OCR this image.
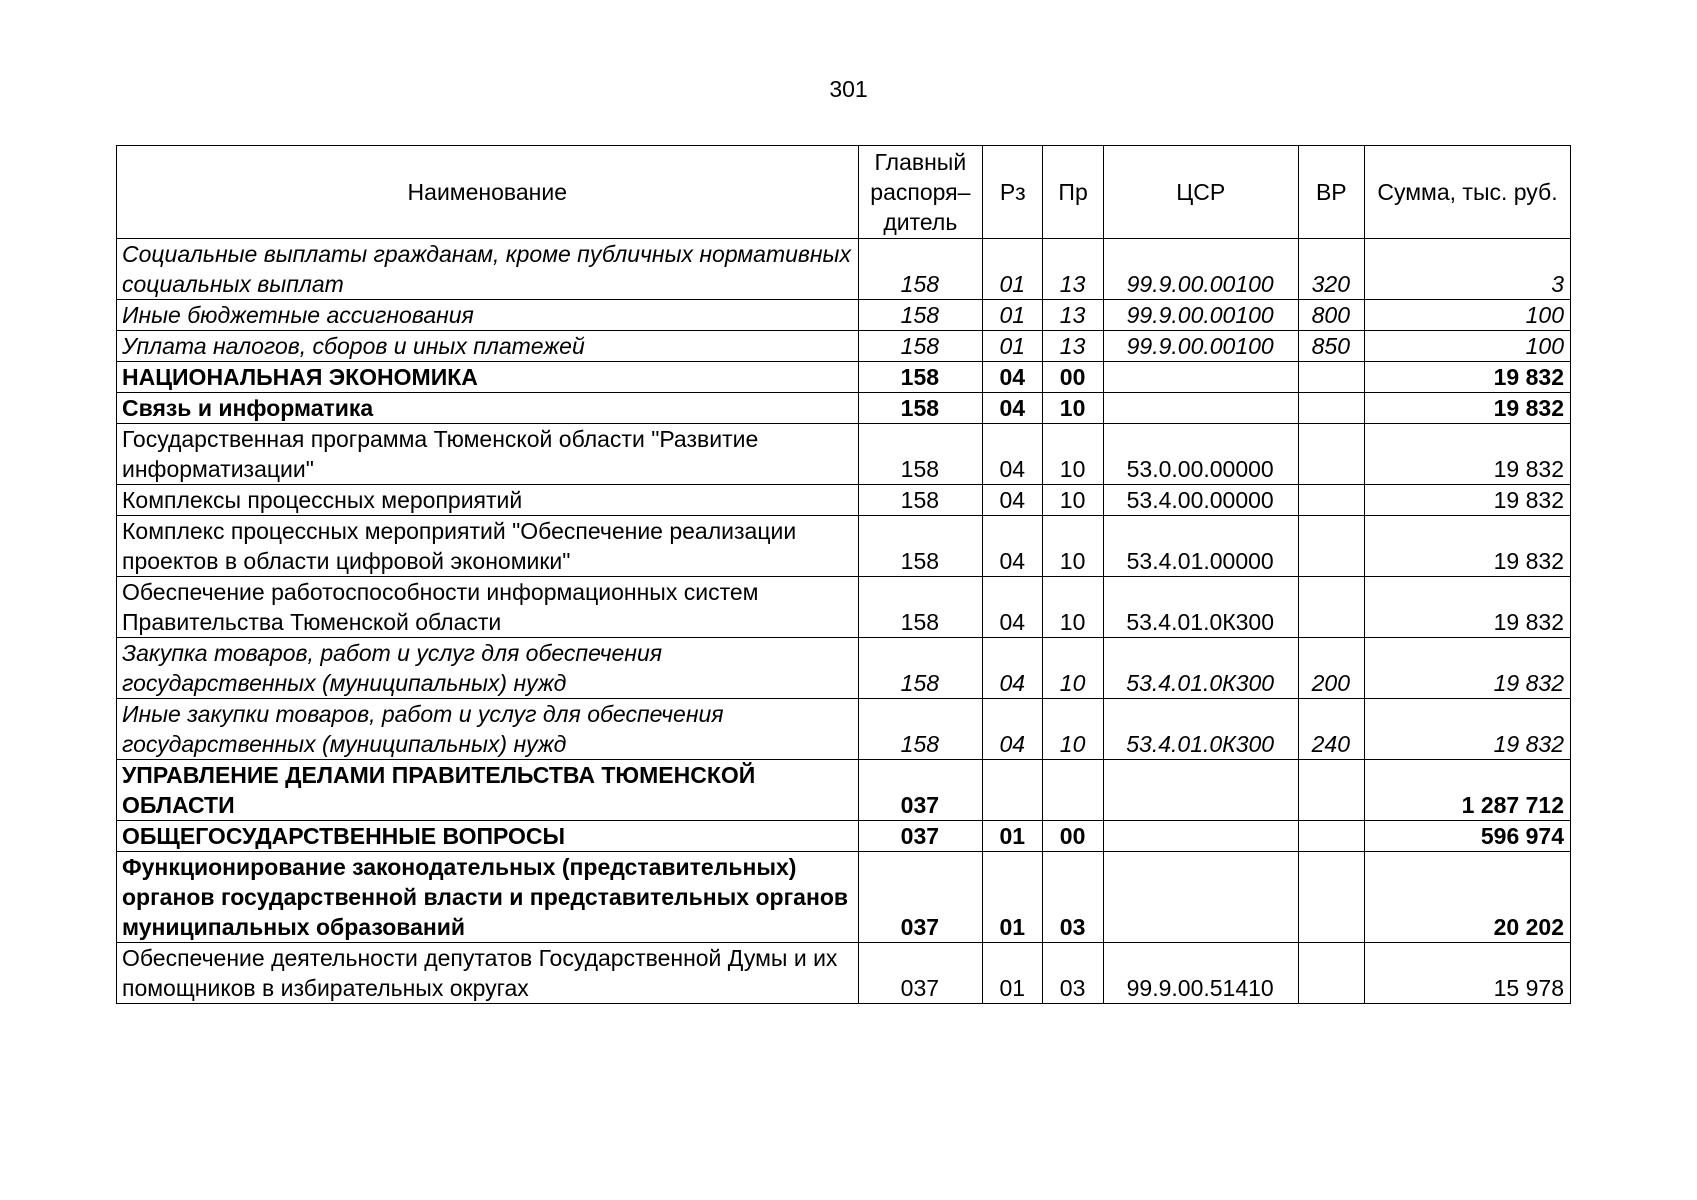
301
Наименование	Главный распоря–дитель	Рз	Пр	ЦСР	ВР	Сумма, тыс. руб.
Социальные выплаты гражданам, кроме публичных нормативных социальных выплат	158	01	13	99.9.00.00100	320	3
Иные бюджетные ассигнования	158	01	13	99.9.00.00100	800	100
Уплата налогов, сборов и иных платежей	158	01	13	99.9.00.00100	850	100
НАЦИОНАЛЬНАЯ ЭКОНОМИКА	158	04	00			19 832
Связь и информатика	158	04	10			19 832
Государственная программа Тюменской области "Развитие информатизации"	158	04	10	53.0.00.00000		19 832
Комплексы процессных мероприятий	158	04	10	53.4.00.00000		19 832
Комплекс процессных мероприятий "Обеспечение реализации проектов в области цифровой экономики"	158	04	10	53.4.01.00000		19 832
Обеспечение работоспособности информационных систем Правительства Тюменской области	158	04	10	53.4.01.0К300		19 832
Закупка товаров, работ и услуг для обеспечения государственных (муниципальных) нужд	158	04	10	53.4.01.0К300	200	19 832
Иные закупки товаров, работ и услуг для обеспечения государственных (муниципальных) нужд	158	04	10	53.4.01.0К300	240	19 832
УПРАВЛЕНИЕ ДЕЛАМИ ПРАВИТЕЛЬСТВА ТЮМЕНСКОЙ ОБЛАСТИ	037					1 287 712
ОБЩЕГОСУДАРСТВЕННЫЕ ВОПРОСЫ	037	01	00			596 974
Функционирование законодательных (представительных) органов государственной власти и представительных органов муниципальных образований	037	01	03			20 202
Обеспечение деятельности депутатов Государственной Думы и их помощников в избирательных округах	037	01	03	99.9.00.51410		15 978
